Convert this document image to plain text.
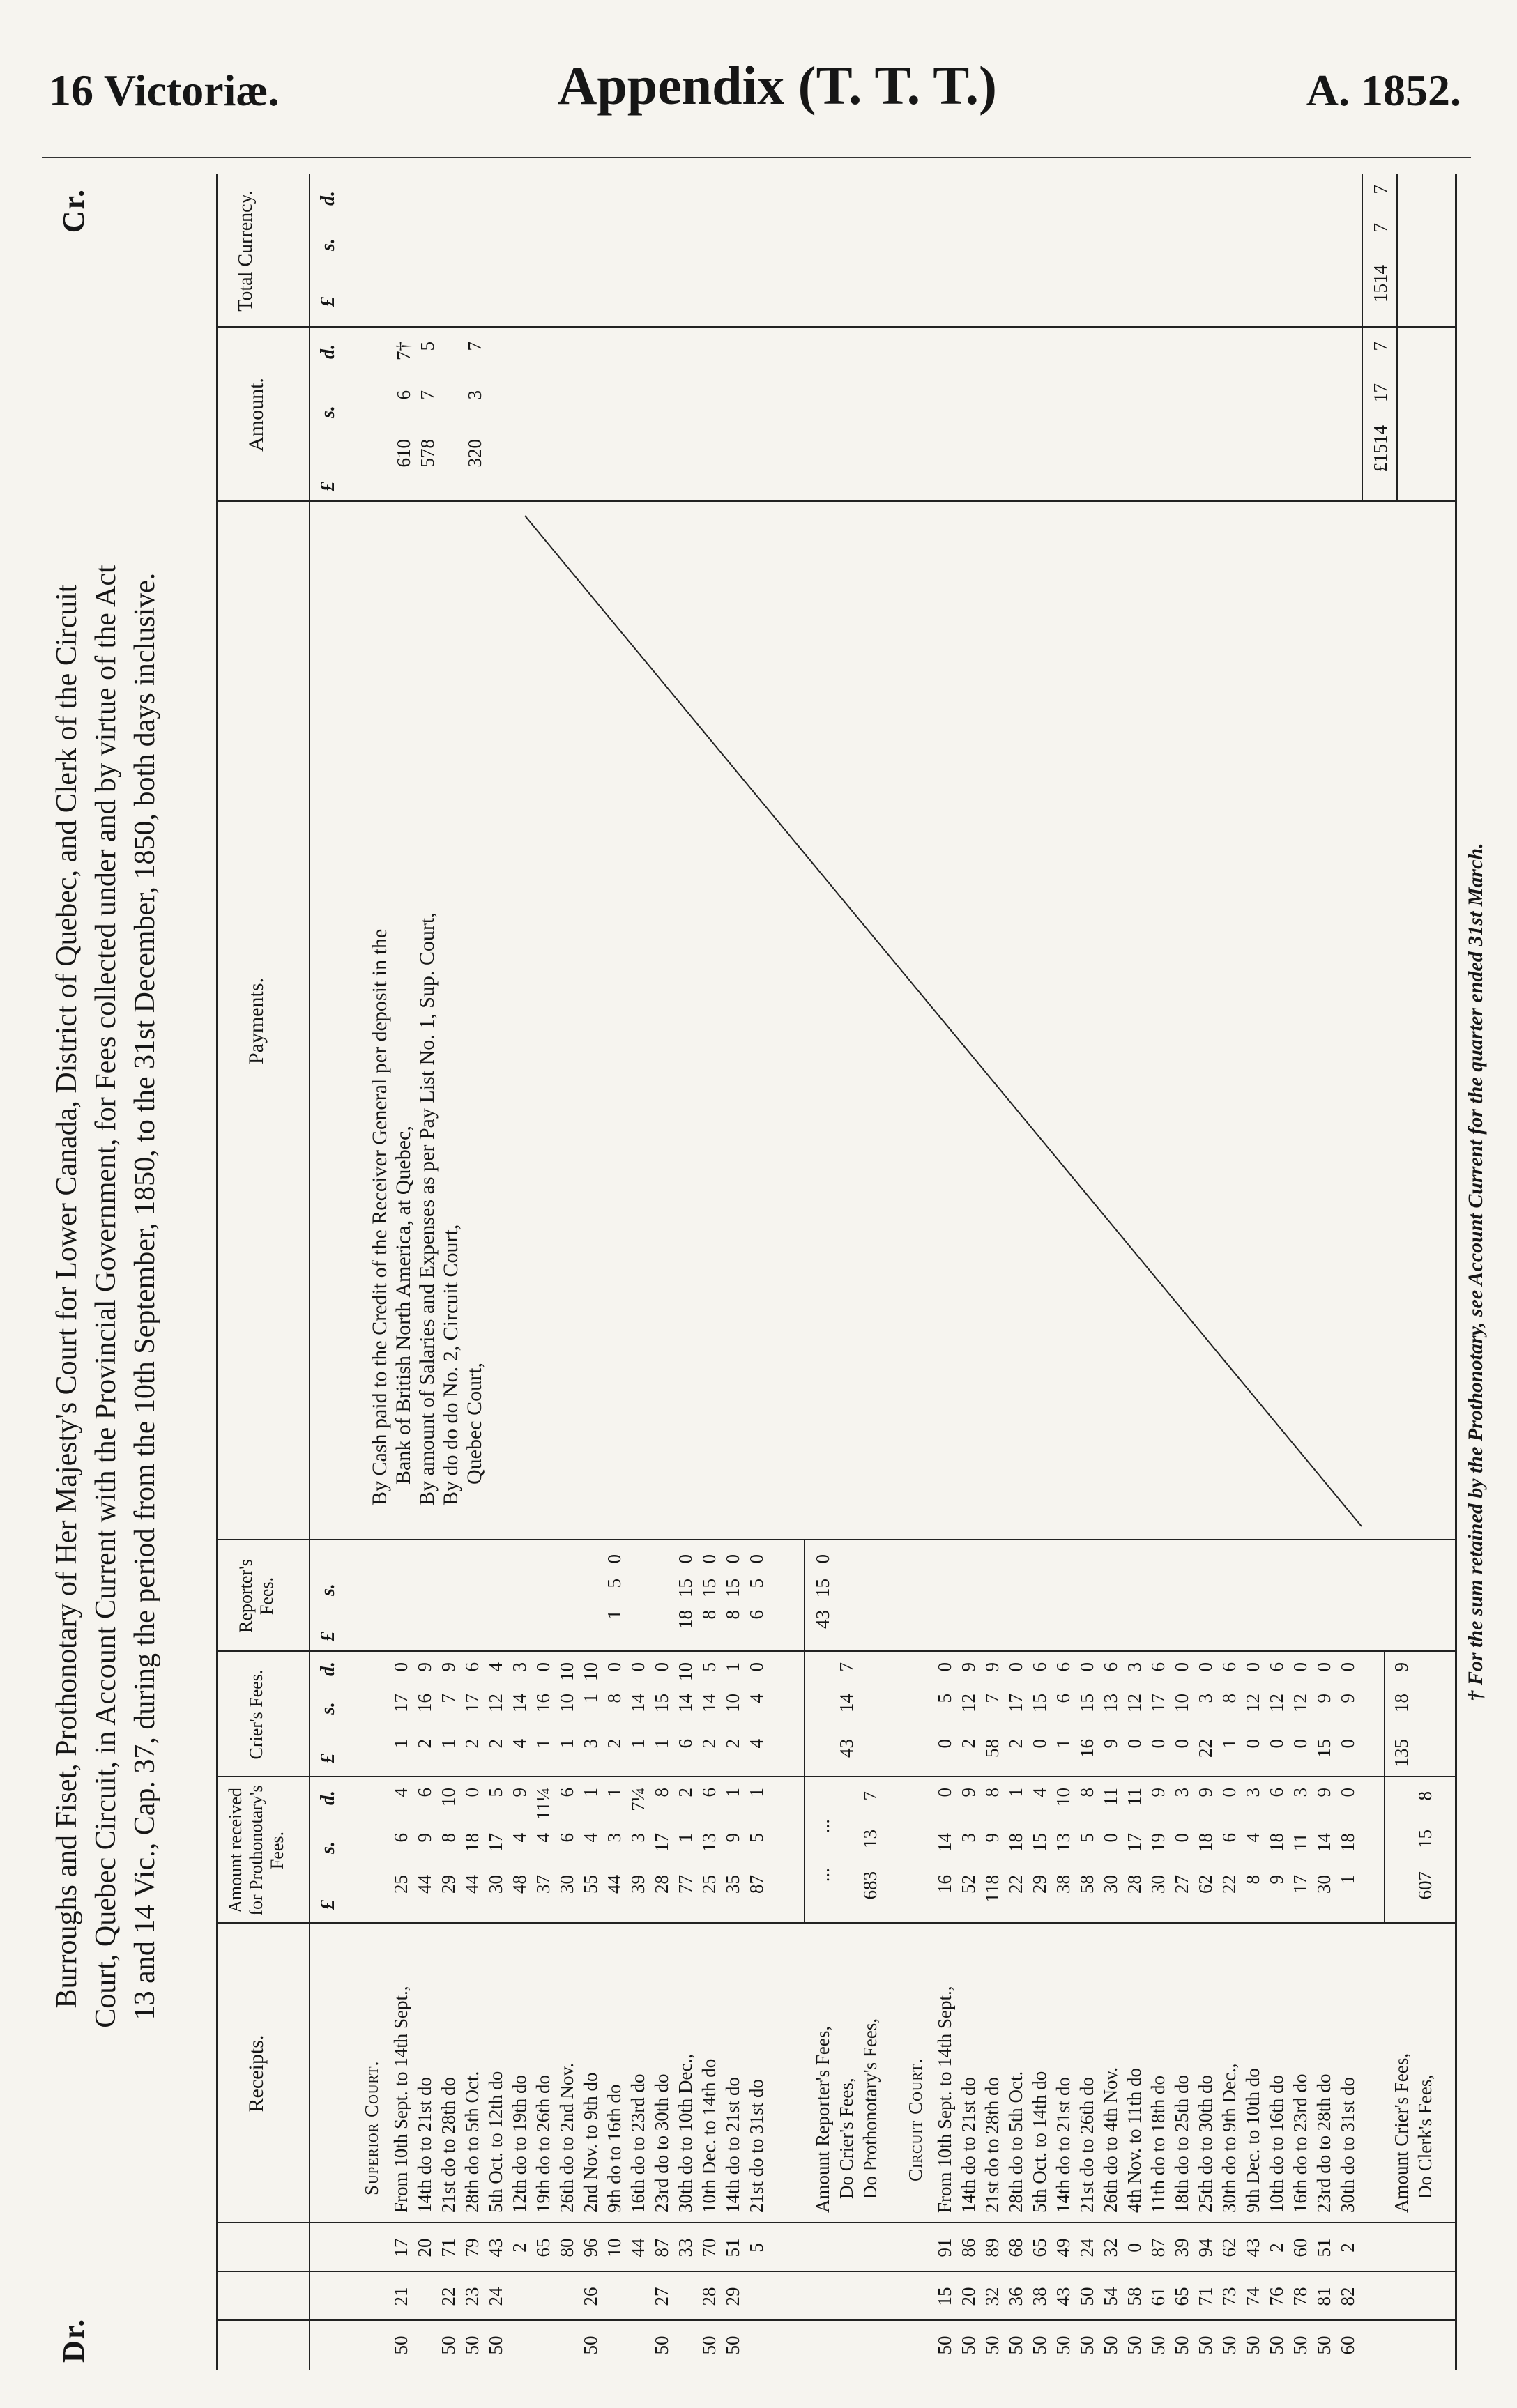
16 Victoriæ.	Appendix (T. T. T.)	A. 1852.
Dr.
Cr.
Burroughs and Fiset, Prothonotary of Her Majesty's Court for Lower Canada, District of Quebec, and Clerk of the Circuit Court, Quebec Circuit, in Account Current with the Provincial Government, for Fees collected under and by virtue of the Act 13 and 14 Vic., Cap. 37, during the period from the 10th September, 1850, to the 31st December, 1850, both days inclusive.
Receipts.
Amount received for Prothonotary's Fees.
Crier's Fees.
Reporter's Fees.
Payments.
Amount.
Total Currency.
£
s.
d.
£
s.
d.
£
s.
£
s.
d.
£
s.
d.
Superior Court.
50
21
17
From 10th Sept. to 14th Sept.,
25
6
4
1
17
0
20
14th do to 21st do
44
9
6
2
16
9
50
22
71
21st do to 28th do
29
8
10
1
7
9
50
23
79
28th do to 5th Oct.
44
18
0
2
17
6
50
24
43
5th Oct. to 12th do
30
17
5
2
12
4
2
12th do to 19th do
48
4
9
4
14
3
65
19th do to 26th do
37
4
11¼
1
16
0
80
26th do to 2nd Nov.
30
6
6
1
10
10
50
26
96
2nd Nov. to 9th do
55
4
1
3
1
10
10
9th do to 16th do
44
3
1
2
8
0
1
5
0
44
16th do to 23rd do
39
3
7¼
1
14
0
50
27
87
23rd do to 30th do
28
17
8
1
15
0
33
30th do to 10th Dec.,
77
1
2
6
14
10
18
15
0
50
28
70
10th Dec. to 14th do
25
13
6
2
14
5
8
15
0
50
29
51
14th do to 21st do
35
9
1
2
10
1
8
15
0
5
21st do to 31st do
87
5
1
4
4
0
6
5
0
Amount Reporter's Fees,
...
...
43
15
0
Do Crier's Fees,
43
14
7
Do Prothonotary's Fees,
683
13
7
Circuit Court.
50
15
91
From 10th Sept. to 14th Sept.,
16
14
0
0
5
0
50
20
86
14th do to 21st do
52
3
9
2
12
9
50
32
89
21st do to 28th do
118
9
8
58
7
9
50
36
68
28th do to 5th Oct.
22
18
1
2
17
0
50
38
65
5th Oct. to 14th do
29
15
4
0
15
6
50
43
49
14th do to 21st do
38
13
10
1
6
6
50
50
24
21st do to 26th do
58
5
8
16
15
0
50
54
32
26th do to 4th Nov.
30
0
11
9
13
6
50
58
0
4th Nov. to 11th do
28
17
11
0
12
3
50
61
87
11th do to 18th do
30
19
9
0
17
6
50
65
39
18th do to 25th do
27
0
3
0
10
0
50
71
94
25th do to 30th do
62
18
9
22
3
0
50
73
62
30th do to 9th Dec.,
22
6
0
1
8
6
50
74
43
9th Dec. to 10th do
8
4
3
0
12
0
50
76
2
10th do to 16th do
9
18
6
0
12
6
50
78
60
16th do to 23rd do
17
11
3
0
12
0
50
81
51
23rd do to 28th do
30
14
9
15
9
0
60
82
2
30th do to 31st do
1
18
0
0
9
0
Amount Crier's Fees,
135
18
9
Do Clerk's Fees,
607
15
8
By Cash paid to the Credit of the Receiver General per deposit in the Bank of British North America, at Quebec, By amount of Salaries and Expenses as per Pay List No. 1, Sup. Court, By do do do No. 2, Circuit Court, Quebec Court,
610
6
7†
578
7
5
320
3
7
£1514
17
7
1514
7
7
† For the sum retained by the Prothonotary, see Account Current for the quarter ended 31st March.
